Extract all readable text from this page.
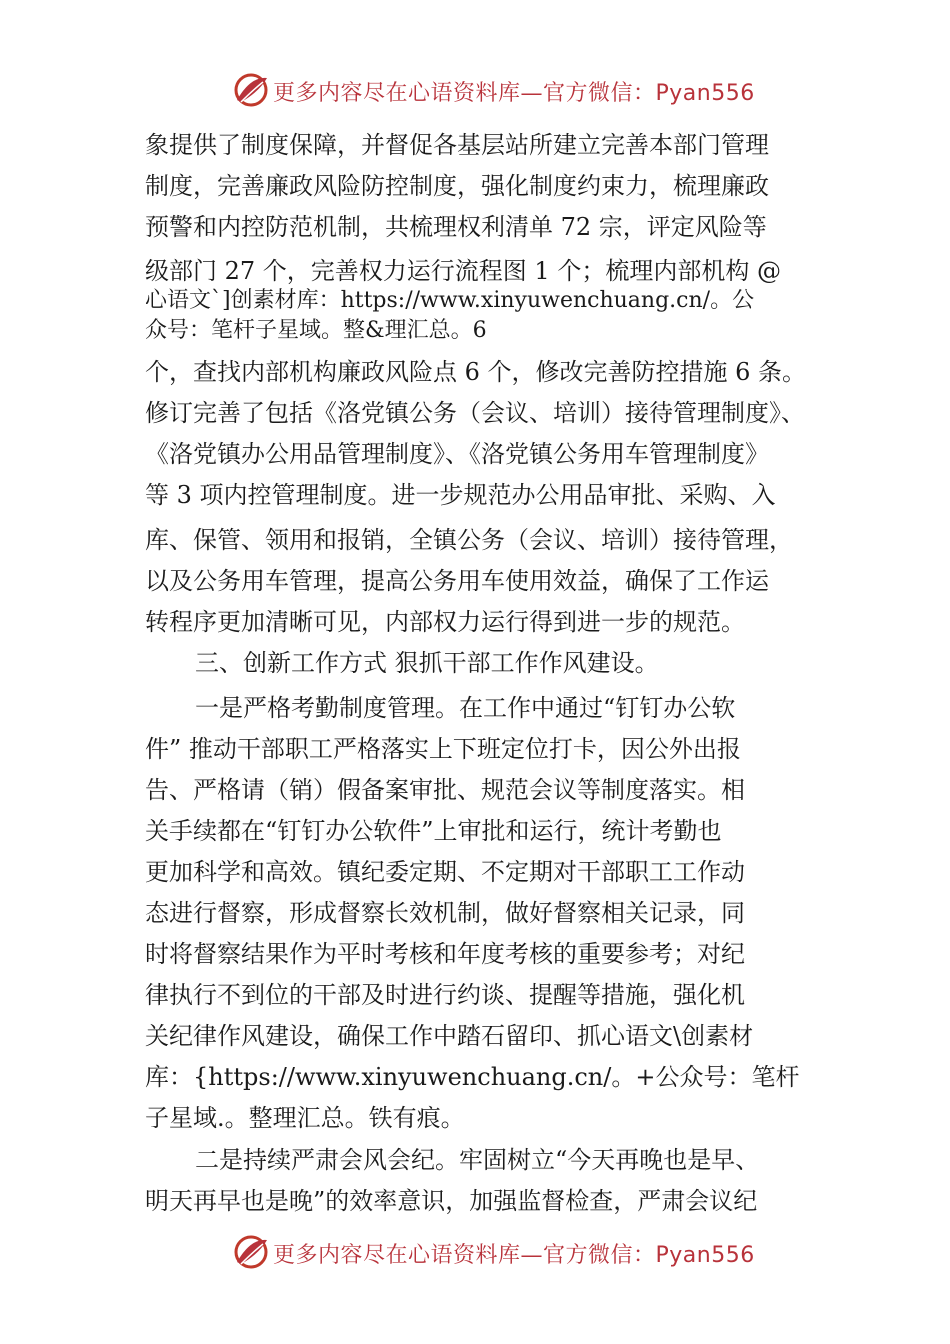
更多内容尽在心语资料库—官方微信：Pyan556
象提供了制度保障，并督促各基层站所建立完善本部门管理
制度，完善廉政风险防控制度，强化制度约束力，梳理廉政
预警和内控防范机制，共梳理权利清单 72 宗，评定风险等
级部门 27 个，完善权力运行流程图 1 个；梳理内部机构 @
心语文`]创素材库：https://www.xinyuwenchuang.cn/。公
众号：笔杆子星域。整&理汇总。6
个，查找内部机构廉政风险点 6 个，修改完善防控措施 6 条。
修订完善了包括《洛党镇公务（会议、培训）接待管理制度》、
《洛党镇办公用品管理制度》、《洛党镇公务用车管理制度》
等 3 项内控管理制度。进一步规范办公用品审批、采购、入
库、保管、领用和报销，全镇公务（会议、培训）接待管理，
以及公务用车管理，提高公务用车使用效益，确保了工作运
转程序更加清晰可见，内部权力运行得到进一步的规范。
三、创新工作方式 狠抓干部工作作风建设。
一是严格考勤制度管理。在工作中通过“钉钉办公软
件” 推动干部职工严格落实上下班定位打卡，因公外出报
告、严格请（销）假备案审批、规范会议等制度落实。相
关手续都在“钉钉办公软件”上审批和运行，统计考勤也
更加科学和高效。镇纪委定期、不定期对干部职工工作动
态进行督察，形成督察长效机制，做好督察相关记录，同
时将督察结果作为平时考核和年度考核的重要参考；对纪
律执行不到位的干部及时进行约谈、提醒等措施，强化机
关纪律作风建设，确保工作中踏石留印、抓心语文\创素材
库：{https://www.xinyuwenchuang.cn/。+公众号：笔杆
子星域.。整理汇总。铁有痕。
二是持续严肃会风会纪。牢固树立“今天再晚也是早、
明天再早也是晚”的效率意识，加强监督检查，严肃会议纪
更多内容尽在心语资料库—官方微信：Pyan556
